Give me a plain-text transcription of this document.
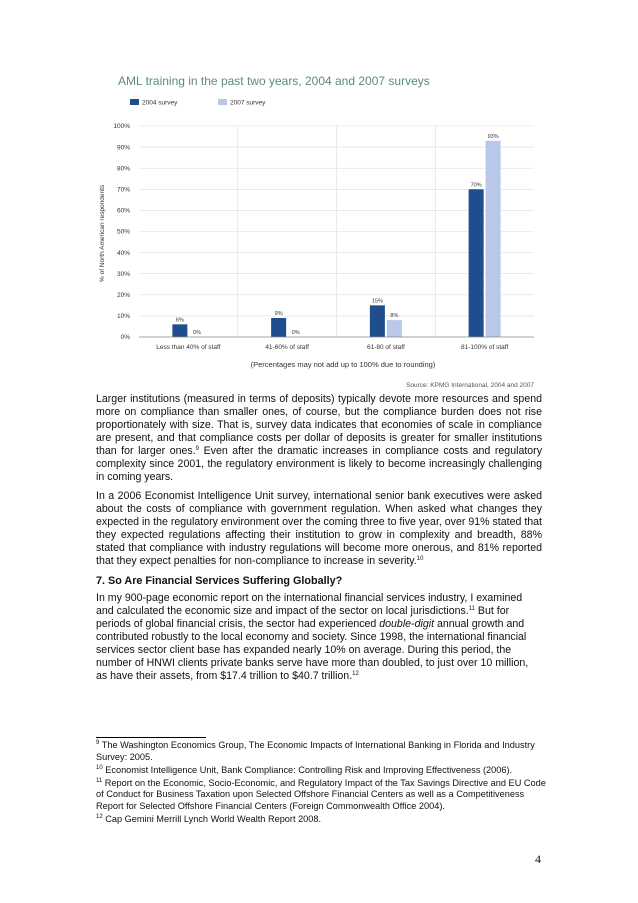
AML training in the past two years, 2004 and 2007 surveys
2004 survey	2007 survey
% of North American respondents
0%
10%
20%
30%
40%
50%
60%
70%
80%
90%
100%
6%
0%
9%
0%
15%
8%
70%
93%
Less than 40% of staff	41-60% of staff	61-80 of staff	81-100% of staff
(Percentages may not add up to 100% due to rounding)
Source: KPMG International, 2004 and 2007

Larger institutions (measured in terms of deposits) typically devote more resources and spend more on compliance than smaller ones, of course, but the compliance burden does not rise proportionately with size. That is, survey data indicates that economies of scale in compliance are present, and that compliance costs per dollar of deposits is greater for smaller institutions than for larger ones.$^9$ Even after the dramatic increases in compliance costs and regulatory complexity since 2001, the regulatory environment is likely to become increasingly challenging in coming years.

In a 2006 Economist Intelligence Unit survey, international senior bank executives were asked about the costs of compliance with government regulation. When asked what changes they expected in the regulatory environment over the coming three to five year, over 91% stated that they expected regulations affecting their institution to grow in complexity and breadth, 88% stated that compliance with industry regulations will become more onerous, and 81% reported that they expect penalties for non-compliance to increase in severity.$^{10}$

7. So Are Financial Services Suffering Globally?

In my 900-page economic report on the international financial services industry, I examined and calculated the economic size and impact of the sector on local jurisdictions.$^{11}$ But for periods of global financial crisis, the sector had experienced double-digit annual growth and contributed robustly to the local economy and society. Since 1998, the international financial services sector client base has expanded nearly 10% on average. During this period, the number of HNWI clients private banks serve have more than doubled, to just over 10 million, as have their assets, from $17.4 trillion to $40.7 trillion.$^{12}$

$^9$ The Washington Economics Group, The Economic Impacts of International Banking in Florida and Industry Survey: 2005.

$^{10}$ Economist Intelligence Unit, Bank Compliance: Controlling Risk and Improving Effectiveness (2006).

$^{11}$ Report on the Economic, Socio-Economic, and Regulatory Impact of the Tax Savings Directive and EU Code of Conduct for Business Taxation upon Selected Offshore Financial Centers as well as a Competitiveness Report for Selected Offshore Financial Centers (Foreign Commonwealth Office 2004).

$^{12}$ Cap Gemini Merrill Lynch World Wealth Report 2008.

4
